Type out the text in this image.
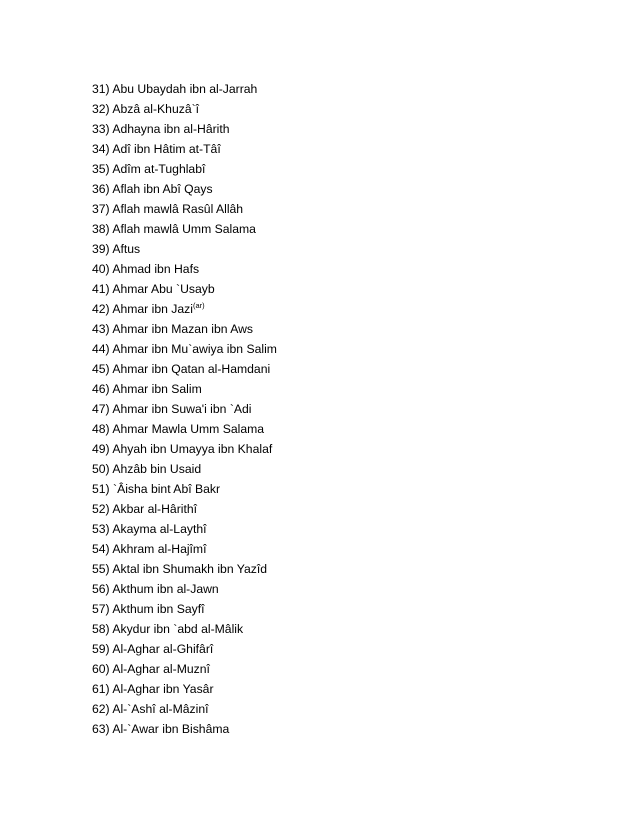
31) Abu Ubaydah ibn al-Jarrah
32) Abzâ al-Khuzâ`î
33) Adhayna ibn al-Hârith
34) Adî ibn Hâtim at-Tâî
35) Adîm at-Tughlabî
36) Aflah ibn Abî Qays
37) Aflah mawlâ Rasûl Allâh
38) Aflah mawlâ Umm Salama
39) Aftus
40) Ahmad ibn Hafs
41) Ahmar Abu `Usayb
42) Ahmar ibn Jazi$^{(ar)}$
43) Ahmar ibn Mazan ibn Aws
44) Ahmar ibn Mu`awiya ibn Salim
45) Ahmar ibn Qatan al-Hamdani
46) Ahmar ibn Salim
47) Ahmar ibn Suwa'i ibn `Adi
48) Ahmar Mawla Umm Salama
49) Ahyah ibn Umayya ibn Khalaf
50) Ahzâb bin Usaid
51) `Âisha bint Abî Bakr
52) Akbar al-Hârithî
53) Akayma al-Laythî
54) Akhram al-Hajîmî
55) Aktal ibn Shumakh ibn Yazîd
56) Akthum ibn al-Jawn
57) Akthum ibn Sayfî
58) Akydur ibn `abd al-Mâlik
59) Al-Aghar al-Ghifârî
60) Al-Aghar al-Muznî
61) Al-Aghar ibn Yasâr
62) Al-`Ashî al-Mâzinî
63) Al-`Awar ibn Bishâma
